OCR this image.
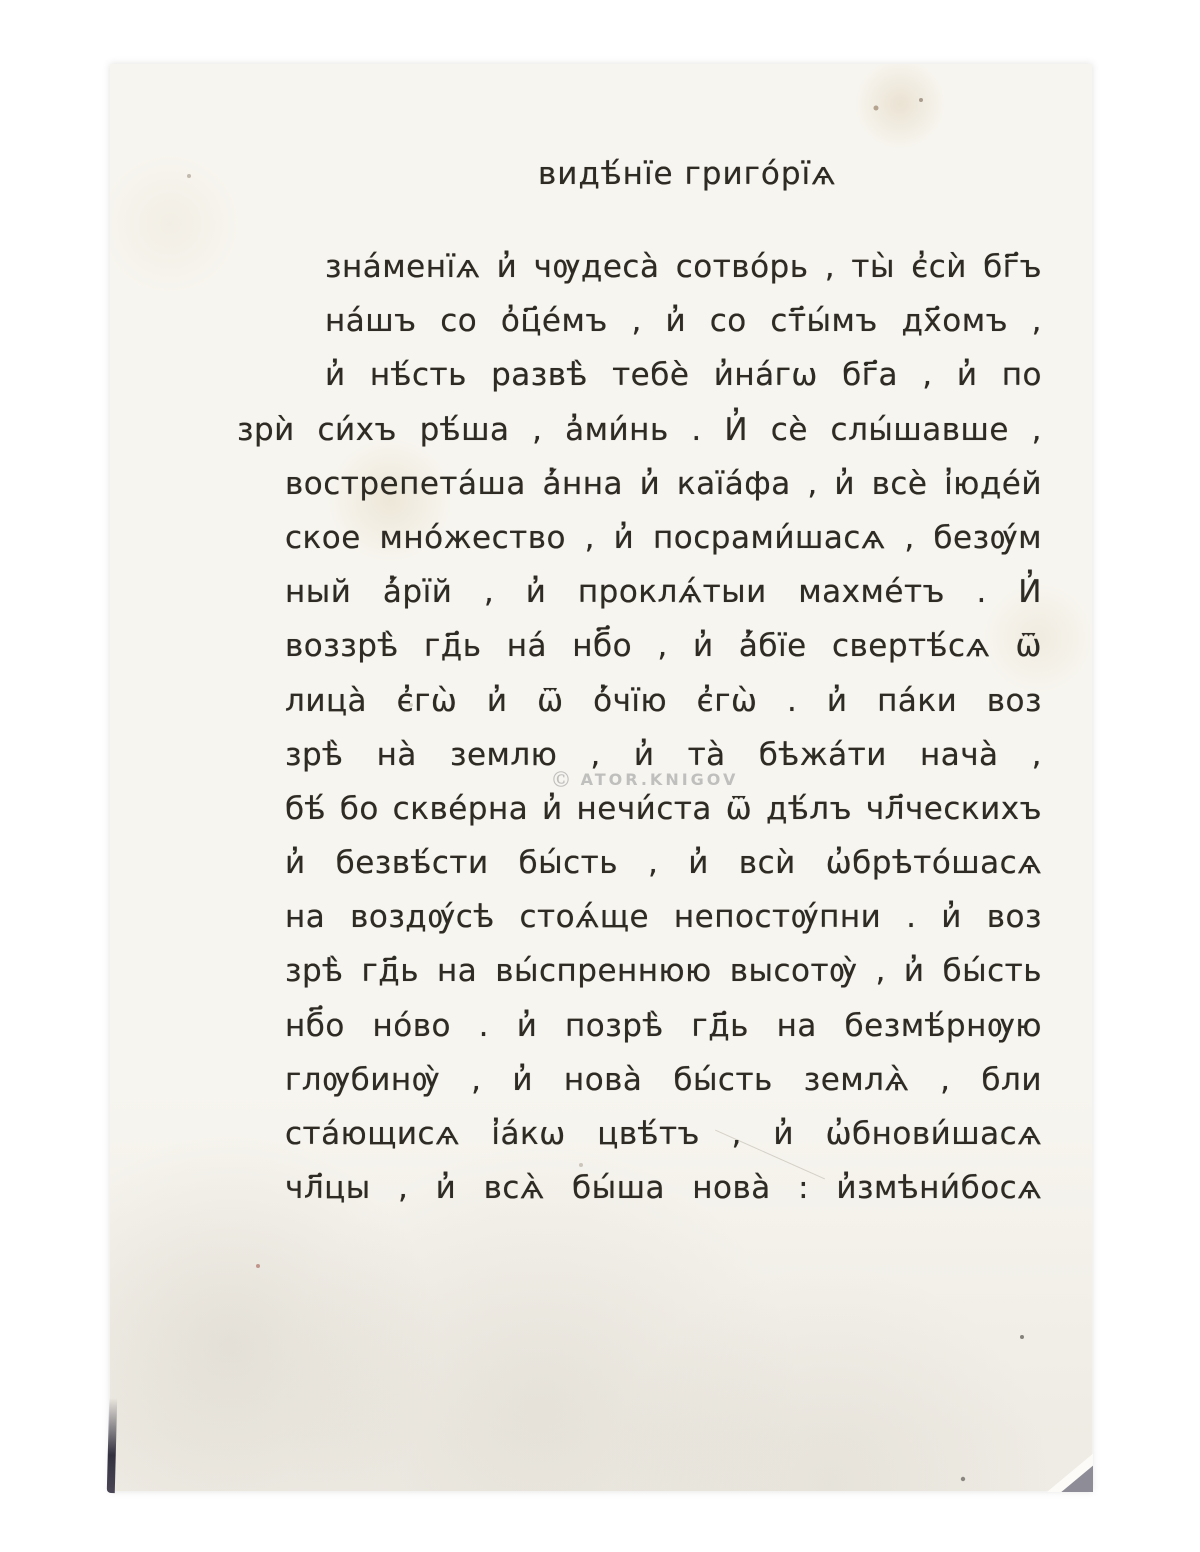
видѣ́нїе григо́рїѧ
зна́менїѧ и̓ чѹдеса̀ сотво́рь , ты̀ є̓сѝ бг҃ъ
на́шъ со о̓ц҃е́мъ , и̓ со ст҃ы́мъ дх҃омъ ,
и̓ нѣ́сть развѣ̀ тебѐ и̓на́гѡ бг҃а , и̓ по
зрѝ си́хъ рѣ́ша , а̓ми́нь . И̓ сѐ слы́шавше ,
вострепета́ша а̓́нна и̓ каїа́фа , и̓ всѐ і̓юде́й
ское мно́жество , и̓ посрами́шасѧ , безѹ́м
ный а̓́рїй , и̓ проклѧ́тыи махме́тъ . И̓
воззрѣ̀ гд҃ь на́ нб҃о , и̓ а̓́бїе свертѣ́сѧ ѿ
лица̀ є̓гѡ̀ и̓ ѿ о̓́чїю є̓гѡ̀ . и̓ па́ки воз
зрѣ̀ на̀ землю , и̓ та̀ бѣжа́ти нача̀ ,
бѣ́ бо скве́рна и̓ нечи́ста ѿ дѣ́лъ чл҃ческихъ
и̓ безвѣ́сти бы́сть , и̓ всѝ ѡ̓брѣто́шасѧ
на воздѹ́сѣ стоѧ́ще непостѹ́пни . и̓ воз
зрѣ̀ гд҃ь на вы́спреннюю высотѹ̀ , и̓ бы́сть
нб҃о но́во . и̓ позрѣ̀ гд҃ь на безмѣ́рнѹю
глѹбинѹ̀ , и̓ нова̀ бы́сть землѧ̀ , бли
ста́ющисѧ і̓а́кѡ цвѣ́тъ , и̓ ѡ̓бнови́шасѧ
чл҃цы , и̓ всѧ̀ бы́ша нова̀ : и̓змѣни́босѧ
Ⓒ ATOR.KNIGOV
